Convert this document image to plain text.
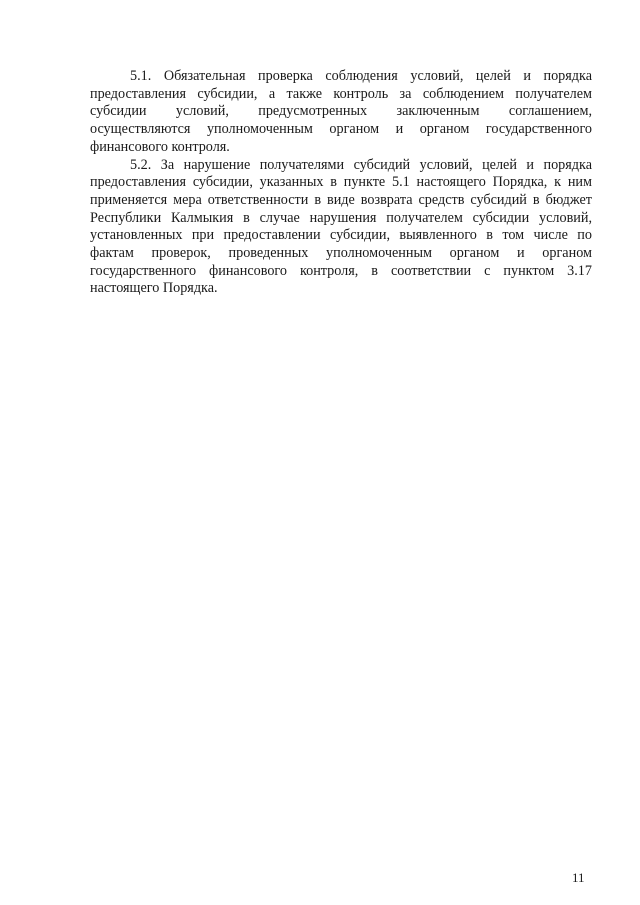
5.1. Обязательная проверка соблюдения условий, целей и порядка предоставления субсидии, а также контроль за соблюдением получателем субсидии условий, предусмотренных заключенным соглашением, осуществляются уполномоченным органом и органом государственного финансового контроля.

5.2. За нарушение получателями субсидий условий, целей и порядка предоставления субсидии, указанных в пункте 5.1 настоящего Порядка, к ним применяется мера ответственности в виде возврата средств субсидий в бюджет Республики Калмыкия в случае нарушения получателем субсидии условий, установленных при предоставлении субсидии, выявленного в том числе по фактам проверок, проведенных уполномоченным органом и органом государственного финансового контроля, в соответствии с пунктом 3.17 настоящего Порядка.

11
